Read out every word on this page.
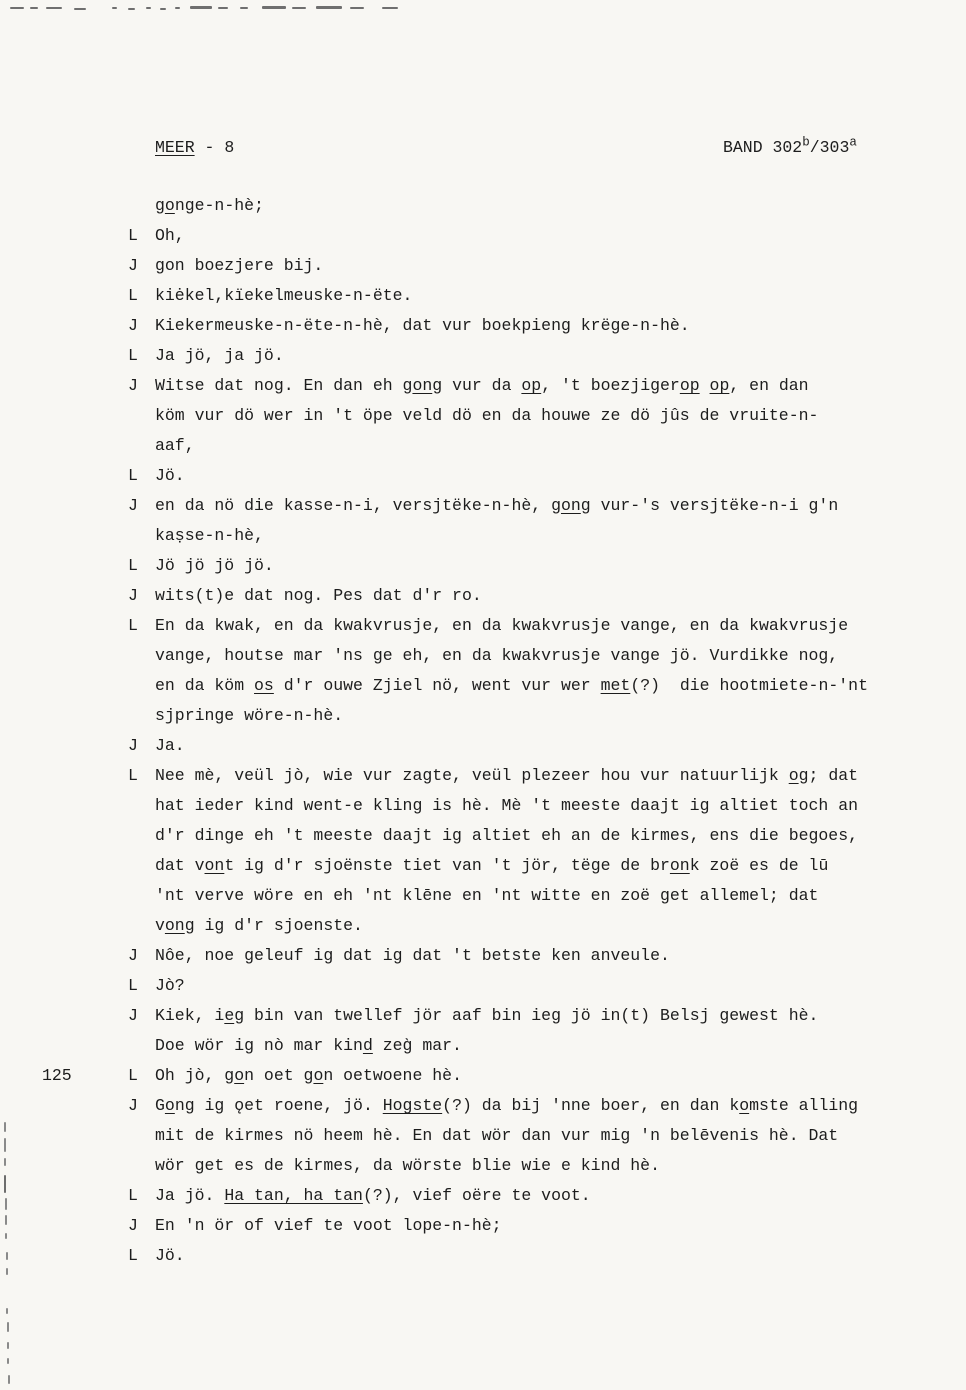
MEER - 8	BAND 302$^b$/303$^a$
gonge-n-hè;
L Oh,
J gon boezjere bij.
L kiėkel,kïekelmeuske-n-ëte.
J Kiekermeuske-n-ëte-n-hè, dat vur boekpieng krëge-n-hè.
L Ja jö, ja jö.
J Witse dat nog. En dan eh gong vur da op, 't boezjigerop op, en dan
köm vur dö wer in 't öpe veld dö en da houwe ze dö jûs de vruite-n-
aaf,
L Jö.
J en da nö die kasse-n-i, versjtëke-n-hè, gong vur-'s versjtëke-n-i g'n
kaṣse-n-hè,
L Jö jö jö jö.
J wits(t)e dat nog. Pes dat d'r ro.
L En da kwak, en da kwakvrusje, en da kwakvrusje vange, en da kwakvrusje
vange, houtse mar 'ns ge eh, en da kwakvrusje vange jö. Vurdikke nog,
en da köm os d'r ouwe Zjiel nö, went vur wer met(?)  die hootmiete-n-'nt
sjpringe wöre-n-hè.
J Ja.
L Nee mè, veül jò, wie vur zagte, veül plezeer hou vur natuurlijk og; dat
hat ieder kind went-e kling is hè. Mè 't meeste daajt ig altiet toch an
d'r dinge eh 't meeste daajt ig altiet eh an de kirmes, ens die begoes,
dat vont ig d'r sjoënste tiet van 't jör, tëge de bronk zoë es de lū
'nt verve wöre en eh 'nt klēne en 'nt witte en zoë get allemel; dat
vong ig d'r sjoenste.
J Nôe, noe geleuf ig dat ig dat 't betste ken anveule.
L Jò?
J Kiek, ieg bin van twellef jör aaf bin ieg jö in(t) Belsj gewest hè.
Doe wör ig nò mar kind zeg̀ mar.
125	L Oh jò, gon oet gon oetwoene hè.
J Gong ig ǫet roene, jö. Hogste(?) da bij 'nne boer, en dan komste alling
mit de kirmes nö heem hè. En dat wör dan vur mig 'n belēvenis hè. Dat
wör get es de kirmes, da wörste blie wie e kind hè.
L Ja jö. Ha tan, ha tan(?), vief oëre te voot.
J En 'n ör of vief te voot lope-n-hè;
L Jö.
